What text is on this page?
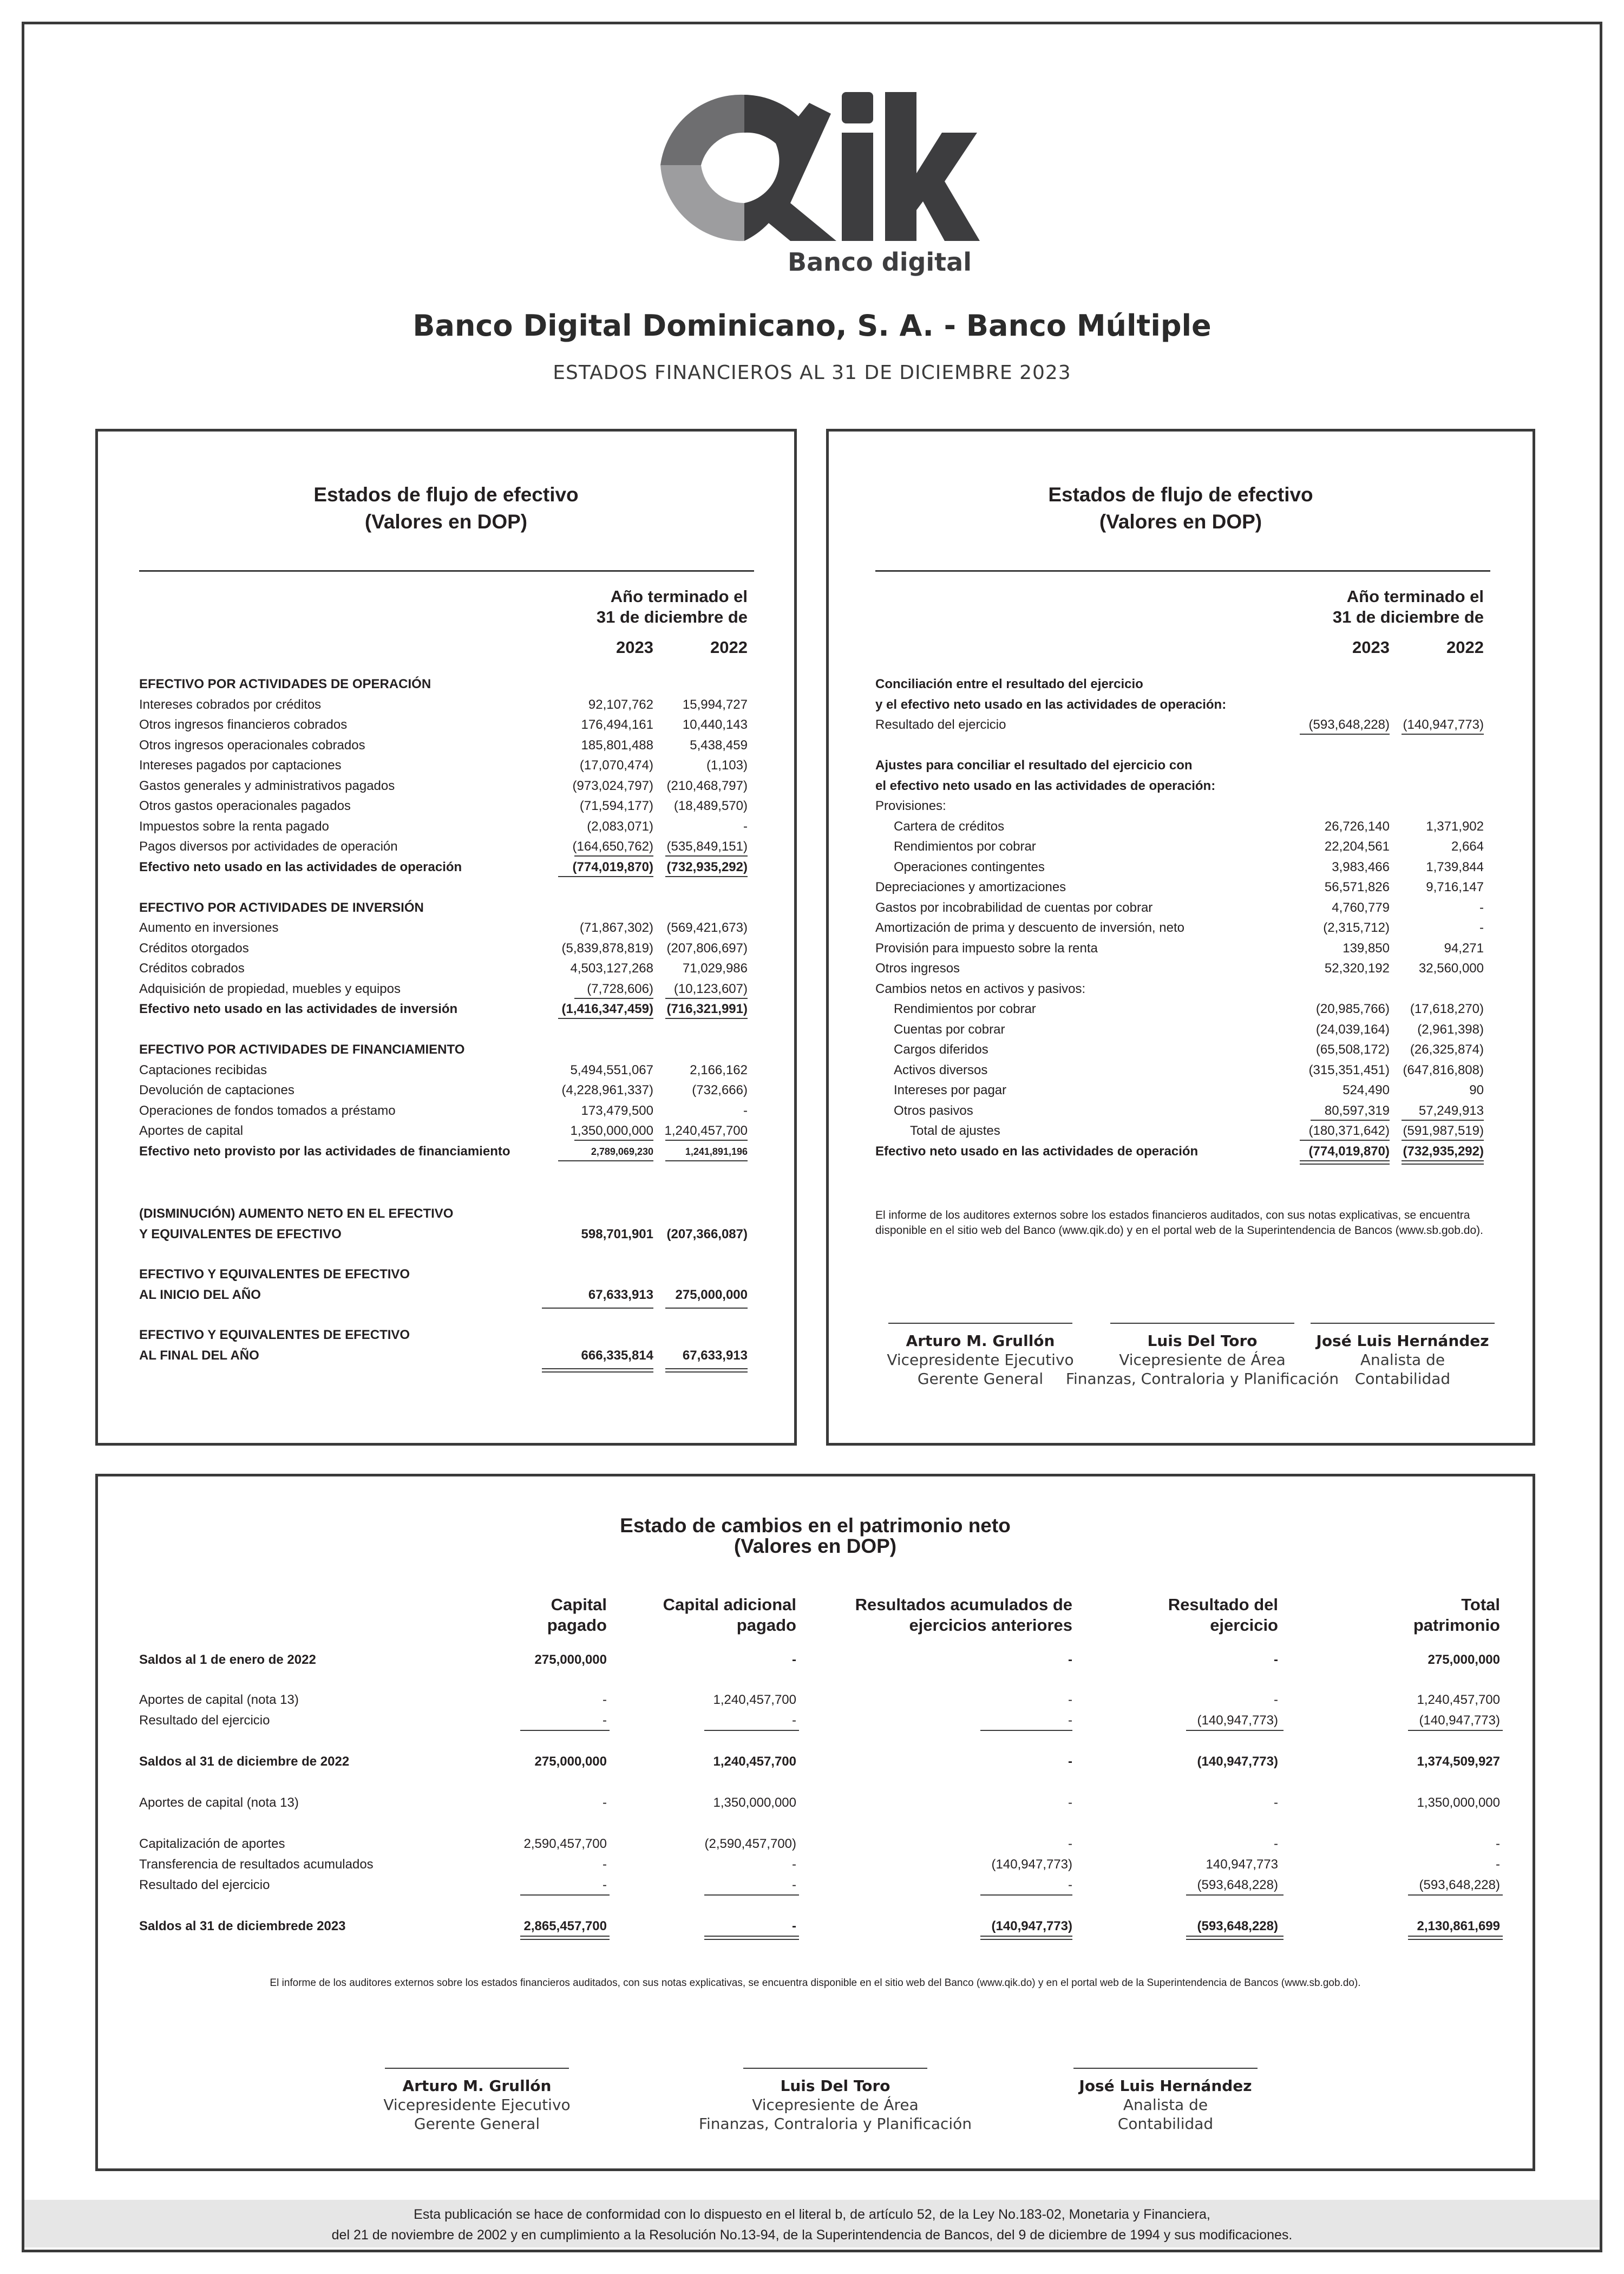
Banco digital
Banco Digital Dominicano, S. A. - Banco Múltiple
ESTADOS FINANCIEROS AL 31 DE DICIEMBRE 2023
Estados de flujo de efectivo
(Valores en DOP)
Año terminado el
31 de diciembre de
2023	2022
EFECTIVO POR ACTIVIDADES DE OPERACIÓN
Intereses cobrados por créditos	92,107,762	15,994,727
Otros ingresos financieros cobrados	176,494,161	10,440,143
Otros ingresos operacionales cobrados	185,801,488	5,438,459
Intereses pagados por captaciones	(17,070,474)	(1,103)
Gastos generales y administrativos pagados	(973,024,797)	(210,468,797)
Otros gastos operacionales pagados	(71,594,177)	(18,489,570)
Impuestos sobre la renta pagado	(2,083,071)	-
Pagos diversos por actividades de operación	(164,650,762)	(535,849,151)
Efectivo neto usado en las actividades de operación	(774,019,870)	(732,935,292)
EFECTIVO POR ACTIVIDADES DE INVERSIÓN
Aumento en inversiones	(71,867,302)	(569,421,673)
Créditos otorgados	(5,839,878,819)	(207,806,697)
Créditos cobrados	4,503,127,268	71,029,986
Adquisición de propiedad, muebles y equipos	(7,728,606)	(10,123,607)
Efectivo neto usado en las actividades de inversión	(1,416,347,459)	(716,321,991)
EFECTIVO POR ACTIVIDADES DE FINANCIAMIENTO
Captaciones recibidas	5,494,551,067	2,166,162
Devolución de captaciones	(4,228,961,337)	(732,666)
Operaciones de fondos tomados a préstamo	173,479,500	-
Aportes de capital	1,350,000,000 1,240,457,700
Efectivo neto provisto por las actividades de financiamiento	2,789,069,230	1,241,891,196
(DISMINUCIÓN) AUMENTO NETO EN EL EFECTIVO
Y EQUIVALENTES DE EFECTIVO	598,701,901	(207,366,087)
EFECTIVO Y EQUIVALENTES DE EFECTIVO
AL INICIO DEL AÑO	67,633,913	275,000,000
EFECTIVO Y EQUIVALENTES DE EFECTIVO
AL FINAL DEL AÑO	666,335,814	67,633,913
Estados de flujo de efectivo
(Valores en DOP)
Año terminado el
31 de diciembre de
2023	2022
Conciliación entre el resultado del ejercicio
y el efectivo neto usado en las actividades de operación:
Resultado del ejercicio	(593,648,228)	(140,947,773)
Ajustes para conciliar el resultado del ejercicio con
el efectivo neto usado en las actividades de operación:
Provisiones:
Cartera de créditos	26,726,140	1,371,902
Rendimientos por cobrar	22,204,561	2,664
Operaciones contingentes	3,983,466	1,739,844
Depreciaciones y amortizaciones	56,571,826	9,716,147
Gastos por incobrabilidad de cuentas por cobrar	4,760,779	-
Amortización de prima y descuento de inversión, neto	(2,315,712)	-
Provisión para impuesto sobre la renta	139,850	94,271
Otros ingresos	52,320,192	32,560,000
Cambios netos en activos y pasivos:
Rendimientos por cobrar	(20,985,766)	(17,618,270)
Cuentas por cobrar	(24,039,164)	(2,961,398)
Cargos diferidos	(65,508,172)	(26,325,874)
Activos diversos	(315,351,451)	(647,816,808)
Intereses por pagar	524,490	90
Otros pasivos	80,597,319	57,249,913
Total de ajustes	(180,371,642)	(591,987,519)
Efectivo neto usado en las actividades de operación	(774,019,870)	(732,935,292)
El informe de los auditores externos sobre los estados financieros auditados, con sus notas explicativas, se encuentra disponible en el sitio web del Banco (www.qik.do) y en el portal web de la Superintendencia de Bancos (www.sb.gob.do).
Arturo M. Grullón
Vicepresidente Ejecutivo
Gerente General
Luis Del Toro
Vicepresiente de Área
Finanzas, Contraloria y Planificación
José Luis Hernández
Analista de
Contabilidad
Estado de cambios en el patrimonio neto
(Valores en DOP)
Capital
pagado
Capital adicional
pagado
Resultados acumulados de
ejercicios anteriores
Resultado del
ejercicio
Total
patrimonio
Saldos al 1 de enero de 2022	275,000,000	-	-	-	275,000,000
Aportes de capital (nota 13)	-	1,240,457,700	-	-	1,240,457,700
Resultado del ejercicio	-	-	-	(140,947,773)	(140,947,773)
Saldos al 31 de diciembre de 2022	275,000,000	1,240,457,700	-	(140,947,773)	1,374,509,927
Aportes de capital (nota 13)	-	1,350,000,000	-	-	1,350,000,000
Capitalización de aportes	2,590,457,700	(2,590,457,700)	-	-	-
Transferencia de resultados acumulados	-	-	(140,947,773)	140,947,773	-
Resultado del ejercicio	-	-	-	(593,648,228)	(593,648,228)
Saldos al 31 de diciembrede 2023	2,865,457,700	-	(140,947,773)	(593,648,228)	2,130,861,699
El informe de los auditores externos sobre los estados financieros auditados, con sus notas explicativas, se encuentra disponible en el sitio web del Banco (www.qik.do) y en el portal web de la Superintendencia de Bancos (www.sb.gob.do).
Arturo M. Grullón
Vicepresidente Ejecutivo
Gerente General
Luis Del Toro
Vicepresiente de Área
Finanzas, Contraloria y Planificación
José Luis Hernández
Analista de
Contabilidad
Esta publicación se hace de conformidad con lo dispuesto en el literal b, de artículo 52, de la Ley No.183-02, Monetaria y Financiera,
del 21 de noviembre de 2002 y en cumplimiento a la Resolución No.13-94, de la Superintendencia de Bancos, del 9 de diciembre de 1994 y sus modificaciones.
